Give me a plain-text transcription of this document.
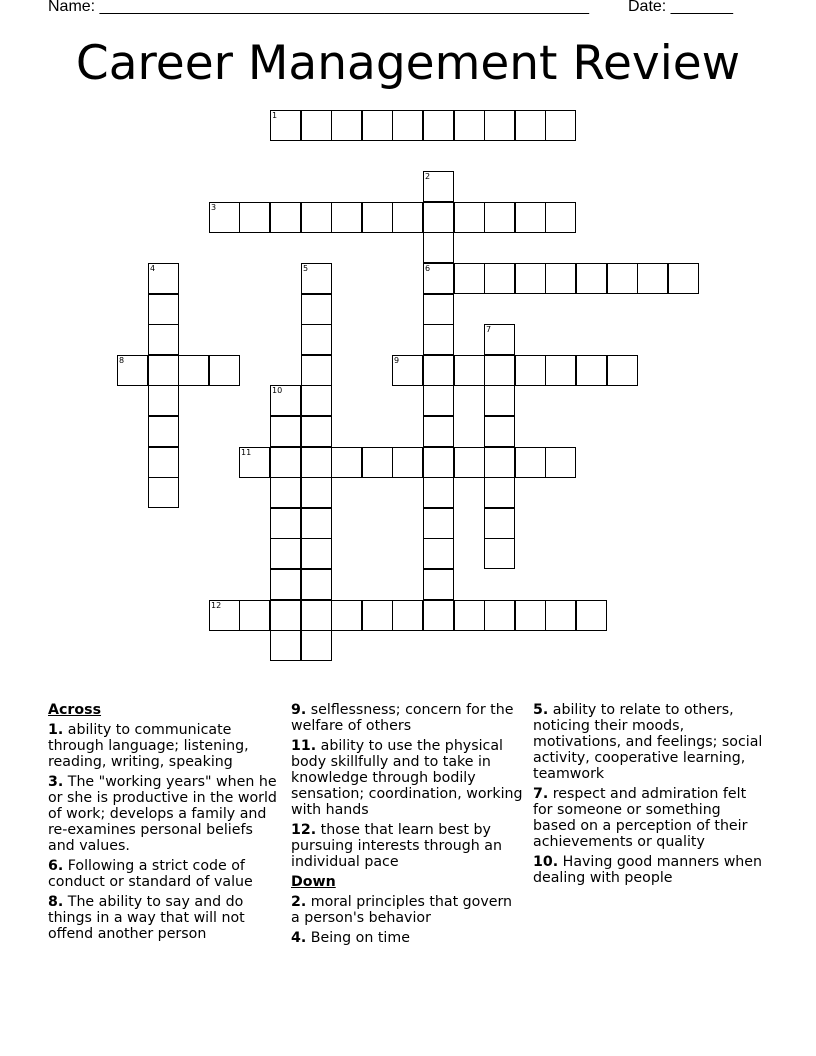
Name: _______________________________________________________ Date: _______
Career Management Review
1
2
6
3
4	5
7
8	9
10
11
12
Across
1. ability to communicate through language; listening, reading, writing, speaking
3. The "working years" when he or she is productive in the world of work; develops a family and re-examines personal beliefs and values.
6. Following a strict code of conduct or standard of value
8. The ability to say and do things in a way that will not offend another person
9. selflessness; concern for the welfare of others
11. ability to use the physical body skillfully and to take in knowledge through bodily sensation; coordination, working with hands
12. those that learn best by pursuing interests through an individual pace
Down
2. moral principles that govern a person's behavior
4. Being on time
5. ability to relate to others, noticing their moods, motivations, and feelings; social activity, cooperative learning, teamwork
7. respect and admiration felt for someone or something based on a perception of their achievements or quality
10. Having good manners when dealing with people
